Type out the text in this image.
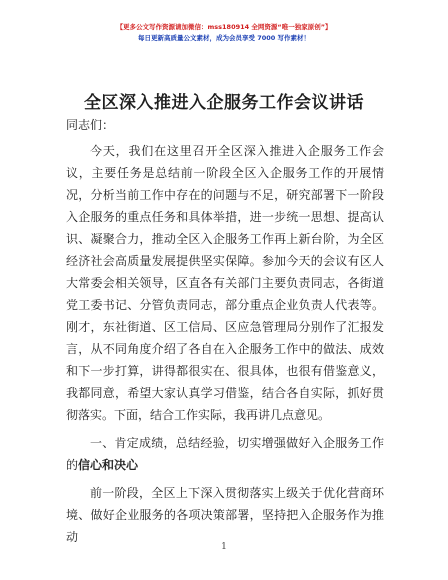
【更多公文写作资源请加微信：mss180914 全网资源“唯一独家原创”】
每日更新高质量公文素材，成为会员享受 7000 写作素材！
全区深入推进入企服务工作会议讲话

同志们：

今天，我们在这里召开全区深入推进入企服务工作会议，主要任务是总结前一阶段全区入企服务工作的开展情况，分析当前工作中存在的问题与不足，研究部署下一阶段入企服务的重点任务和具体举措，进一步统一思想、提高认识、凝聚合力，推动全区入企服务工作再上新台阶，为全区经济社会高质量发展提供坚实保障。参加今天的会议有区人大常委会相关领导，区直各有关部门主要负责同志，各街道党工委书记、分管负责同志，部分重点企业负责人代表等。刚才，东社街道、区工信局、区应急管理局分别作了汇报发言，从不同角度介绍了各自在入企服务工作中的做法、成效和下一步打算，讲得都很实在、很具体，也很有借鉴意义，我都同意，希望大家认真学习借鉴，结合各自实际，抓好贯彻落实。下面，结合工作实际，我再讲几点意见。

一、肯定成绩，总结经验，切实增强做好入企服务工作的信心和决心

前一阶段，全区上下深入贯彻落实上级关于优化营商环境、做好企业服务的各项决策部署，坚持把入企服务作为推动

1
